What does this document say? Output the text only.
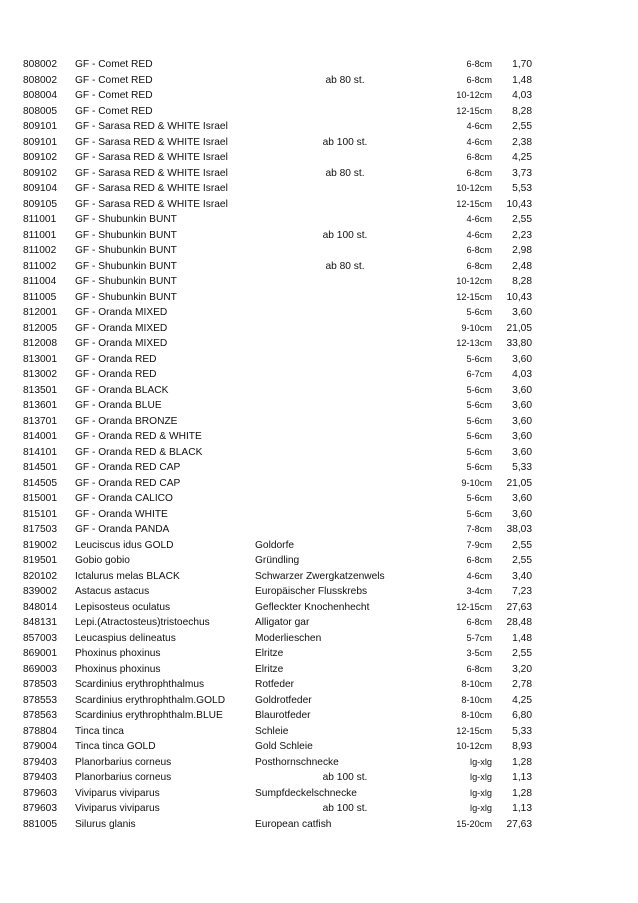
808002 GF - Comet RED	6-8cm	1,70
808002 GF - Comet RED	ab 80 st.	6-8cm	1,48
808004 GF - Comet RED	10-12cm	4,03
808005 GF - Comet RED	12-15cm	8,28
809101 GF - Sarasa RED & WHITE Israel	4-6cm	2,55
809101 GF - Sarasa RED & WHITE Israel	ab 100 st.	4-6cm	2,38
809102 GF - Sarasa RED & WHITE Israel	6-8cm	4,25
809102 GF - Sarasa RED & WHITE Israel	ab 80 st.	6-8cm	3,73
809104 GF - Sarasa RED & WHITE Israel	10-12cm	5,53
809105 GF - Sarasa RED & WHITE Israel	12-15cm	10,43
811001 GF - Shubunkin BUNT	4-6cm	2,55
811001 GF - Shubunkin BUNT	ab 100 st.	4-6cm	2,23
811002 GF - Shubunkin BUNT	6-8cm	2,98
811002 GF - Shubunkin BUNT	ab 80 st.	6-8cm	2,48
811004 GF - Shubunkin BUNT	10-12cm	8,28
811005 GF - Shubunkin BUNT	12-15cm	10,43
812001 GF - Oranda MIXED	5-6cm	3,60
812005 GF - Oranda MIXED	9-10cm	21,05
812008 GF - Oranda MIXED	12-13cm	33,80
813001 GF - Oranda RED	5-6cm	3,60
813002 GF - Oranda RED	6-7cm	4,03
813501 GF - Oranda BLACK	5-6cm	3,60
813601 GF - Oranda BLUE	5-6cm	3,60
813701 GF - Oranda BRONZE	5-6cm	3,60
814001 GF - Oranda RED & WHITE	5-6cm	3,60
814101 GF - Oranda RED & BLACK	5-6cm	3,60
814501 GF - Oranda RED CAP	5-6cm	5,33
814505 GF - Oranda RED CAP	9-10cm	21,05
815001 GF - Oranda CALICO	5-6cm	3,60
815101 GF - Oranda WHITE	5-6cm	3,60
817503 GF - Oranda PANDA	7-8cm	38,03
819002 Leuciscus idus GOLD	Goldorfe	7-9cm	2,55
819501 Gobio gobio	Gründling	6-8cm	2,55
820102 Ictalurus melas BLACK	Schwarzer Zwergkatzenwels	4-6cm	3,40
839002 Astacus astacus	Europäischer Flusskrebs	3-4cm	7,23
848014 Lepisosteus oculatus	Gefleckter Knochenhecht	12-15cm	27,63
848131 Lepi.(Atractosteus)tristoechus	Alligator gar	6-8cm	28,48
857003 Leucaspius delineatus	Moderlieschen	5-7cm	1,48
869001 Phoxinus phoxinus	Elritze	3-5cm	2,55
869003 Phoxinus phoxinus	Elritze	6-8cm	3,20
878503 Scardinius erythrophthalmus	Rotfeder	8-10cm	2,78
878553 Scardinius erythrophthalm.GOLD	Goldrotfeder	8-10cm	4,25
878563 Scardinius erythrophthalm.BLUE	Blaurotfeder	8-10cm	6,80
878804 Tinca tinca	Schleie	12-15cm	5,33
879004 Tinca tinca GOLD	Gold Schleie	10-12cm	8,93
879403 Planorbarius corneus	Posthornschnecke	lg-xlg	1,28
879403 Planorbarius corneus	ab 100 st.	lg-xlg	1,13
879603 Viviparus viviparus	Sumpfdeckelschnecke	lg-xlg	1,28
879603 Viviparus viviparus	ab 100 st.	lg-xlg	1,13
881005 Silurus glanis	European catfish	15-20cm	27,63
